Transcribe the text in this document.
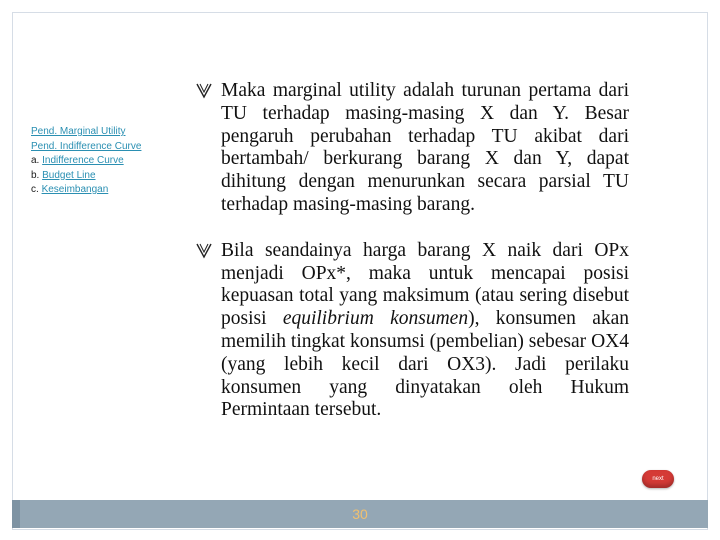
Pend. Marginal Utility
Pend. Indifference Curve
a. Indifference Curve
b. Budget Line
c. Keseimbangan
Maka marginal utility adalah turunan pertama dari TU terhadap masing-masing X dan Y. Besar pengaruh perubahan terhadap TU akibat dari bertambah/ berkurang barang X dan Y, dapat dihitung dengan menurunkan secara parsial TU terhadap masing-masing barang.
Bila seandainya harga barang X naik dari OPx menjadi OPx*, maka untuk mencapai posisi kepuasan total yang maksimum (atau sering disebut posisi equilibrium konsumen), konsumen akan memilih tingkat konsumsi (pembelian) sebesar OX4 (yang lebih kecil dari OX3). Jadi perilaku konsumen yang dinyatakan oleh Hukum Permintaan tersebut.
next
30
